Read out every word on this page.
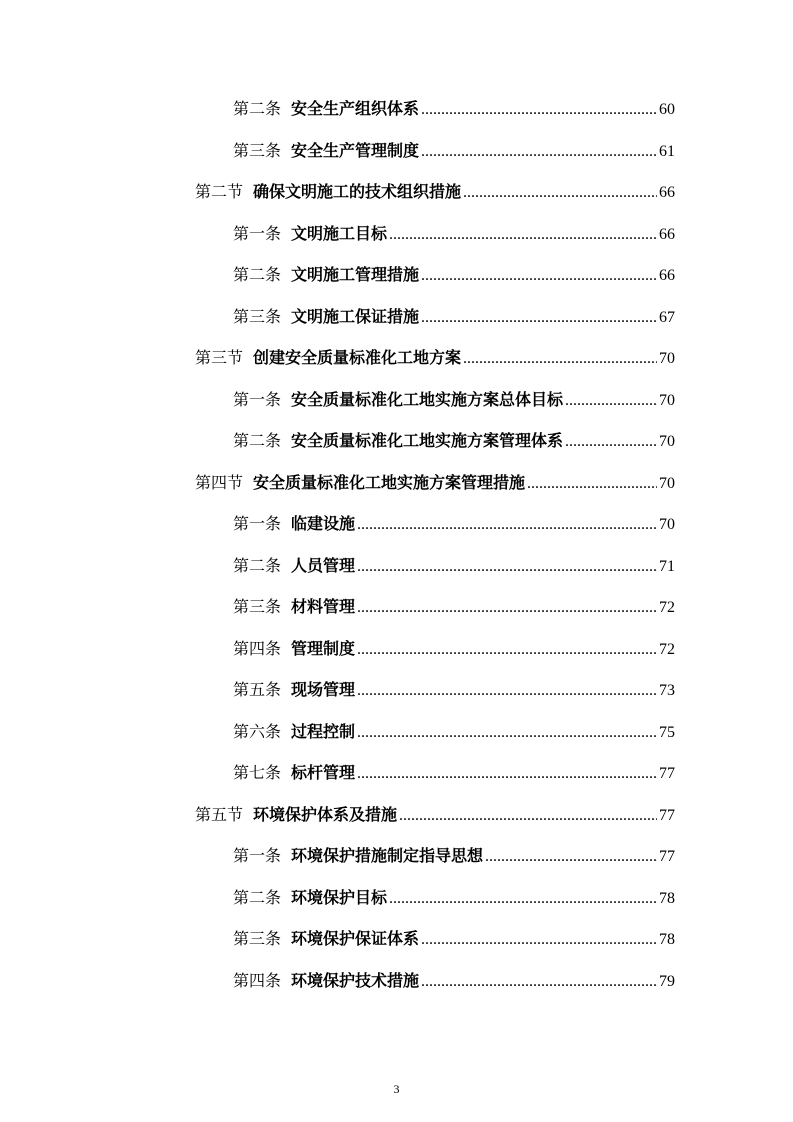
第二条 安全生产组织体系 .....	60
第三条 安全生产管理制度 .....	61
第二节 确保文明施工的技术组织措施 .....	66
第一条 文明施工目标 .....	66
第二条 文明施工管理措施 .....	66
第三条 文明施工保证措施 .....	67
第三节 创建安全质量标准化工地方案 .....	70
第一条 安全质量标准化工地实施方案总体目标 .....	70
第二条 安全质量标准化工地实施方案管理体系 .....	70
第四节 安全质量标准化工地实施方案管理措施 .....	70
第一条 临建设施 .....	70
第二条 人员管理 .....	71
第三条 材料管理 .....	72
第四条 管理制度 .....	72
第五条 现场管理 .....	73
第六条 过程控制 .....	75
第七条 标杆管理 .....	77
第五节 环境保护体系及措施 .....	77
第一条 环境保护措施制定指导思想 .....	77
第二条 环境保护目标 .....	78
第三条 环境保护保证体系 .....	78
第四条 环境保护技术措施 .....	79
3
